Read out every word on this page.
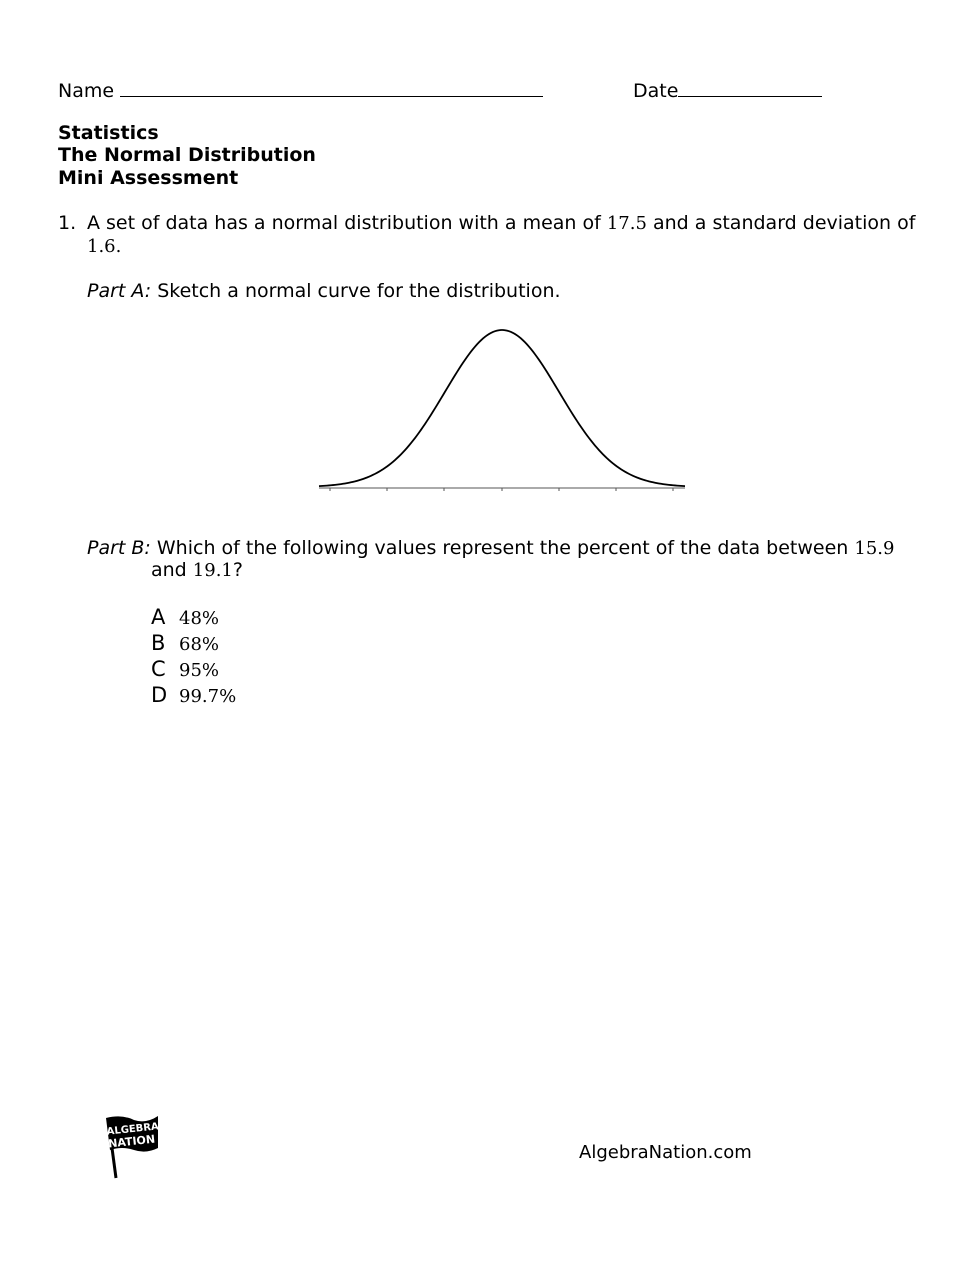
Name	Date
Statistics
The Normal Distribution
Mini Assessment
1. A set of data has a normal distribution with a mean of 17.5 and a standard deviation of
1.6.
Part A: Sketch a normal curve for the distribution.
Part B: Which of the following values represent the percent of the data between 15.9
and 19.1?
A 48%
B 68%
C 95%
D 99.7%
ALGEBRA
NATION
AlgebraNation.com
